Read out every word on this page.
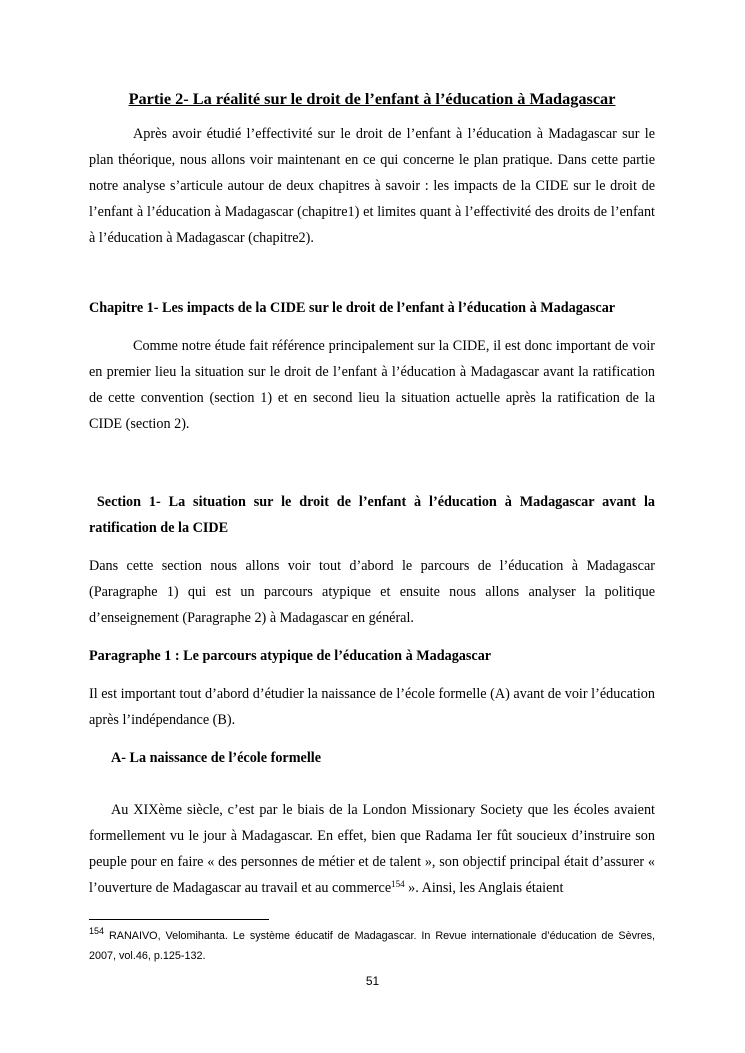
Partie 2- La réalité sur le droit de l’enfant à l’éducation à Madagascar

Après avoir étudié l’effectivité sur le droit de l’enfant à l’éducation à Madagascar sur le plan théorique, nous allons voir maintenant en ce qui concerne le plan pratique. Dans cette partie notre analyse s’articule autour de deux chapitres à savoir : les impacts de la CIDE sur le droit de l’enfant à l’éducation à Madagascar (chapitre1) et limites quant à l’effectivité des droits de l’enfant à l’éducation à Madagascar (chapitre2).

Chapitre 1- Les impacts de la CIDE sur le droit de l’enfant à l’éducation à Madagascar

Comme notre étude fait référence principalement sur la CIDE, il est donc important de voir en premier lieu la situation sur le droit de l’enfant à l’éducation à Madagascar avant la ratification de cette convention (section 1) et en second lieu la situation actuelle après la ratification de la CIDE (section 2).

Section 1- La situation sur le droit de l’enfant à l’éducation à Madagascar avant la ratification de la CIDE

Dans cette section nous allons voir tout d’abord le parcours de l’éducation à Madagascar (Paragraphe 1) qui est un parcours atypique et ensuite nous allons analyser la politique d’enseignement (Paragraphe 2) à Madagascar en général.

Paragraphe 1 : Le parcours atypique de l’éducation à Madagascar

Il est important tout d’abord d’étudier la naissance de l’école formelle (A) avant de voir l’éducation après l’indépendance (B).

A- La naissance de l’école formelle

Au XIXème siècle, c’est par le biais de la London Missionary Society que les écoles avaient formellement vu le jour à Madagascar. En effet, bien que Radama Ier fût soucieux d’instruire son peuple pour en faire « des personnes de métier et de talent », son objectif principal était d’assurer « l’ouverture de Madagascar au travail et au commerce$^{154}$ ». Ainsi, les Anglais étaient

$^{154}$ RANAIVO, Velomihanta. Le système éducatif de Madagascar. In Revue internationale d’éducation de Sèvres, 2007, vol.46, p.125-132.
51
